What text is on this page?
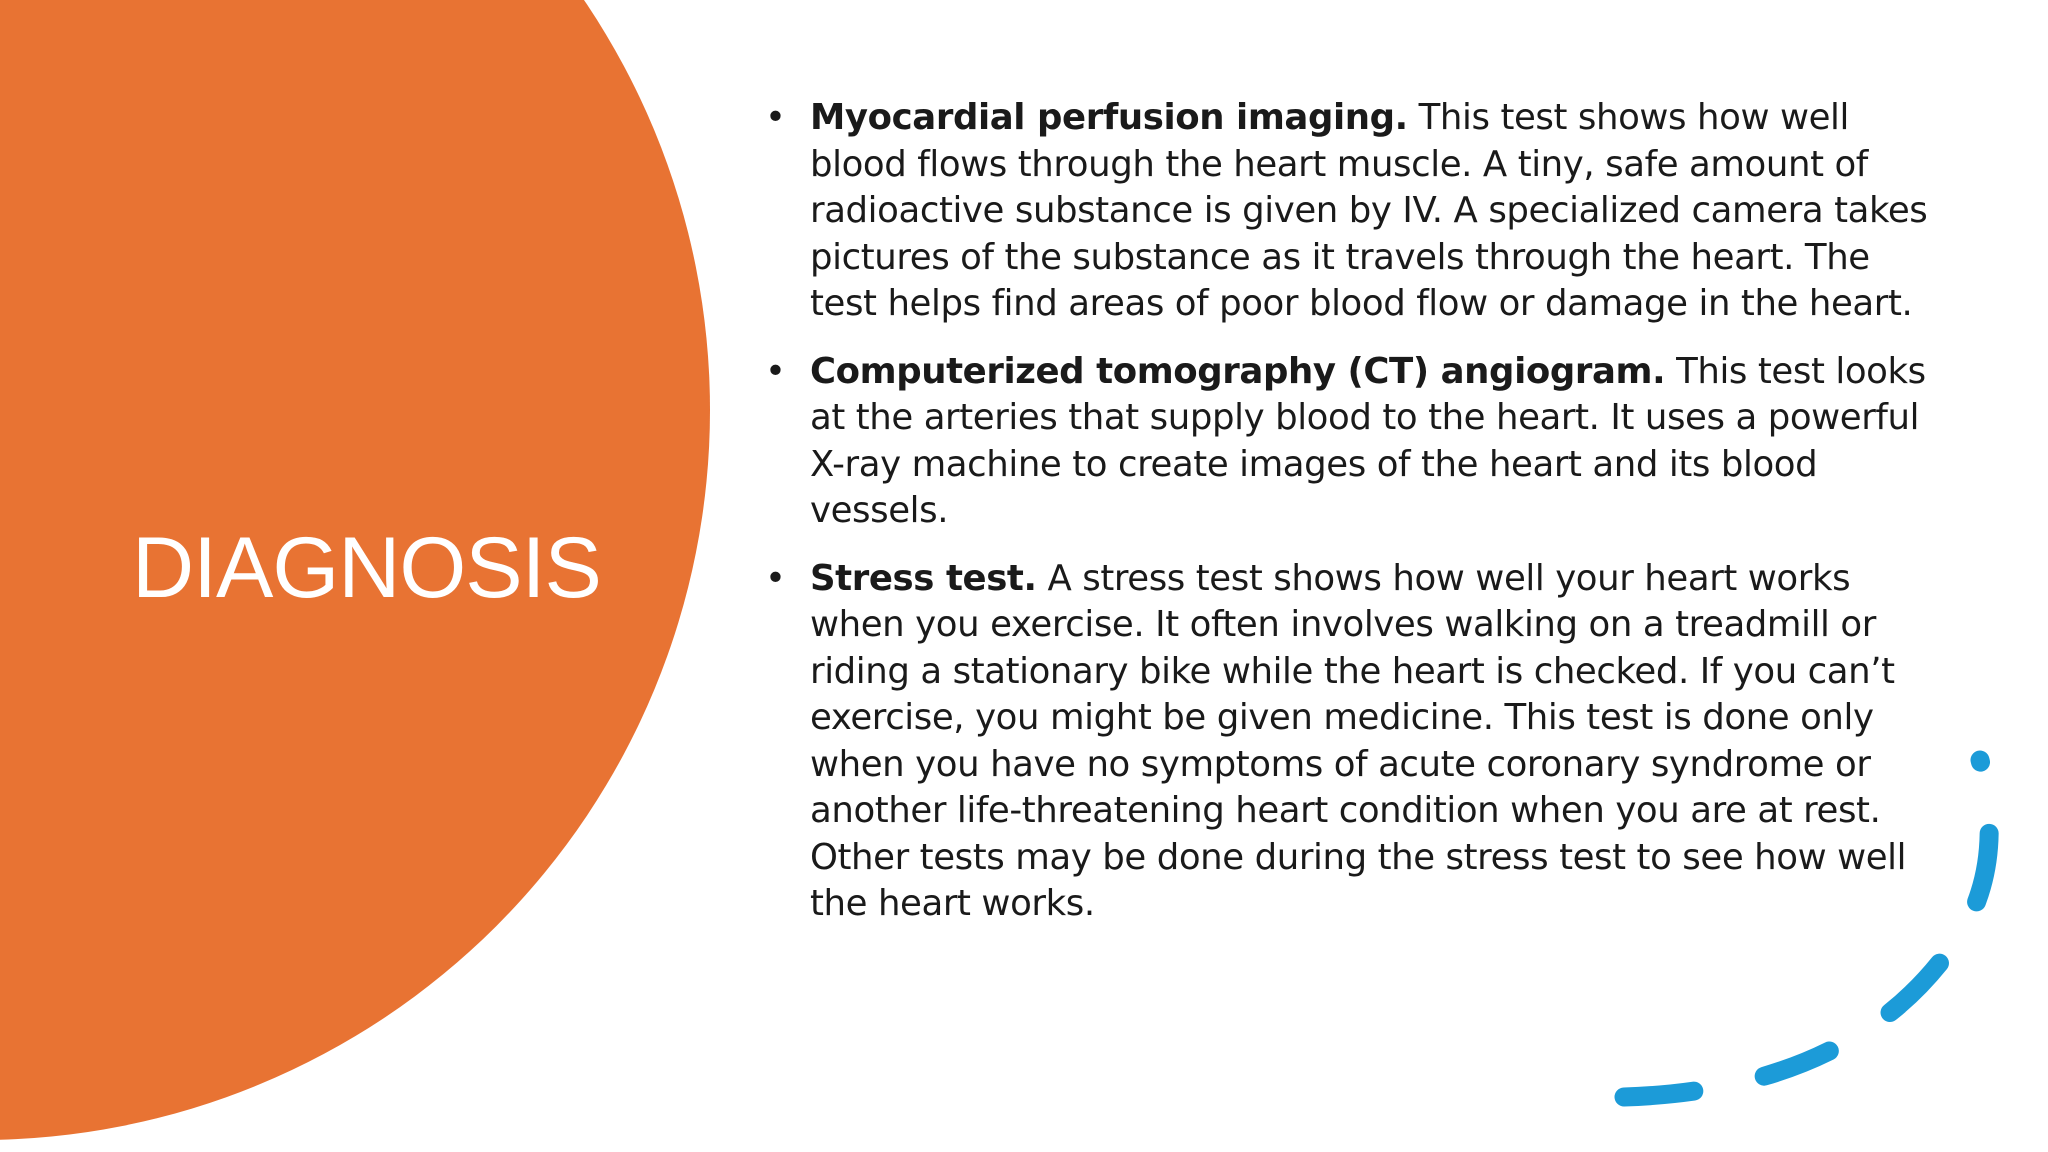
DIAGNOSIS
• Myocardial perfusion imaging. This test shows how well blood flows through the heart muscle. A tiny, safe amount of radioactive substance is given by IV. A specialized camera takes pictures of the substance as it travels through the heart. The test helps find areas of poor blood flow or damage in the heart.
• Computerized tomography (CT) angiogram. This test looks at the arteries that supply blood to the heart. It uses a powerful X-ray machine to create images of the heart and its blood vessels.
• Stress test. A stress test shows how well your heart works when you exercise. It often involves walking on a treadmill or riding a stationary bike while the heart is checked. If you can’t exercise, you might be given medicine. This test is done only when you have no symptoms of acute coronary syndrome or another life-threatening heart condition when you are at rest. Other tests may be done during the stress test to see how well the heart works.
